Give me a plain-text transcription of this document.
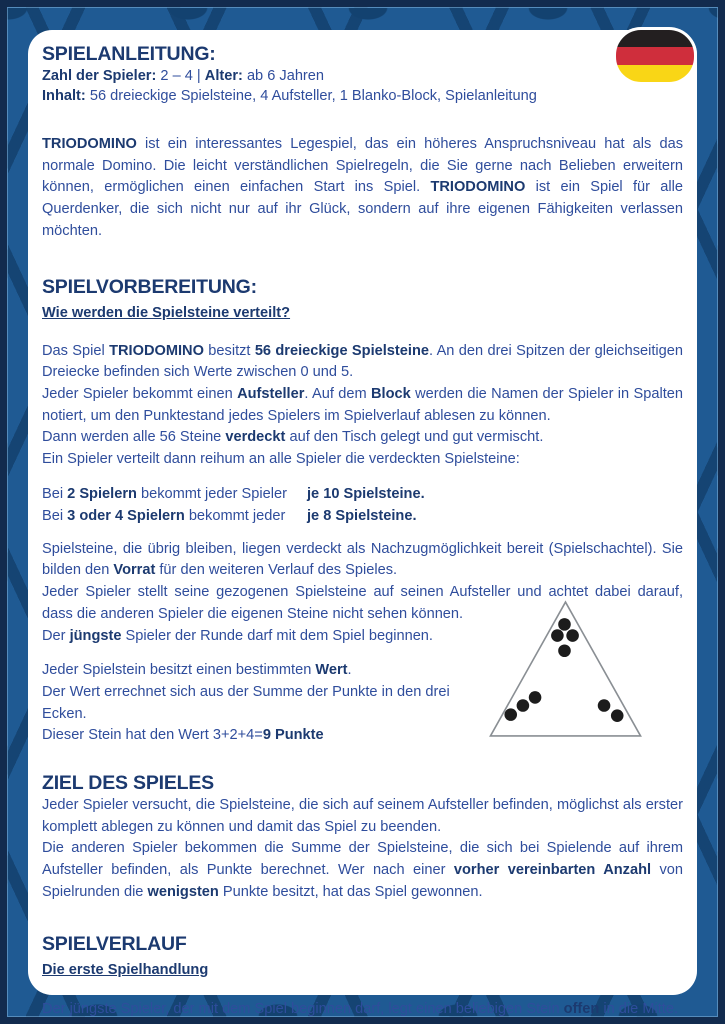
SPIELANLEITUNG:
Zahl der Spieler: 2 – 4 | Alter: ab 6 Jahren
Inhalt: 56 dreieckige Spielsteine, 4 Aufsteller, 1 Blanko-Block, Spielanleitung

TRIODOMINO ist ein interessantes Legespiel, das ein höheres Anspruchsniveau hat als das normale Domino. Die leicht verständlichen Spielregeln, die Sie gerne nach Belieben erweitern können, ermöglichen einen einfachen Start ins Spiel. TRIODOMINO ist ein Spiel für alle Querdenker, die sich nicht nur auf ihr Glück, sondern auf ihre eigenen Fähigkeiten verlassen möchten.

SPIELVORBEREITUNG:
Wie werden die Spielsteine verteilt?

Das Spiel TRIODOMINO besitzt 56 dreieckige Spielsteine. An den drei Spitzen der gleichseitigen Dreiecke befinden sich Werte zwischen 0 und 5.

Jeder Spieler bekommt einen Aufsteller. Auf dem Block werden die Namen der Spieler in Spalten notiert, um den Punktestand jedes Spielers im Spielverlauf ablesen zu können.

Dann werden alle 56 Steine verdeckt auf den Tisch gelegt und gut vermischt.

Ein Spieler verteilt dann reihum an alle Spieler die verdeckten Spielsteine:

Bei 2 Spielern bekommt jeder Spieler	je 10 Spielsteine.
Bei 3 oder 4 Spielern bekommt jeder	je 8 Spielsteine.

Spielsteine, die übrig bleiben, liegen verdeckt als Nachzugmöglichkeit bereit (Spielschachtel). Sie bilden den Vorrat für den weiteren Verlauf des Spieles.

Jeder Spieler stellt seine gezogenen Spielsteine auf seinen Aufsteller und achtet dabei darauf, dass die anderen Spieler die eigenen Steine nicht sehen können.

Der jüngste Spieler der Runde darf mit dem Spiel beginnen.

Jeder Spielstein besitzt einen bestimmten Wert.

Der Wert errechnet sich aus der Summe der Punkte in den drei Ecken.

Dieser Stein hat den Wert 3+2+4=9 Punkte

ZIEL DES SPIELES

Jeder Spieler versucht, die Spielsteine, die sich auf seinem Aufsteller befinden, möglichst als erster komplett ablegen zu können und damit das Spiel zu beenden.

Die anderen Spieler bekommen die Summe der Spielsteine, die sich bei Spielende auf ihrem Aufsteller befinden, als Punkte berechnet. Wer nach einer vorher vereinbarten Anzahl von Spielrunden die wenigsten Punkte besitzt, hat das Spiel gewonnen.

SPIELVERLAUF
Die erste Spielhandlung

Der jüngste Spieler, der mit dem Spiel beginnen darf, legt einen beliebigen Stein offen in die Mitte.
